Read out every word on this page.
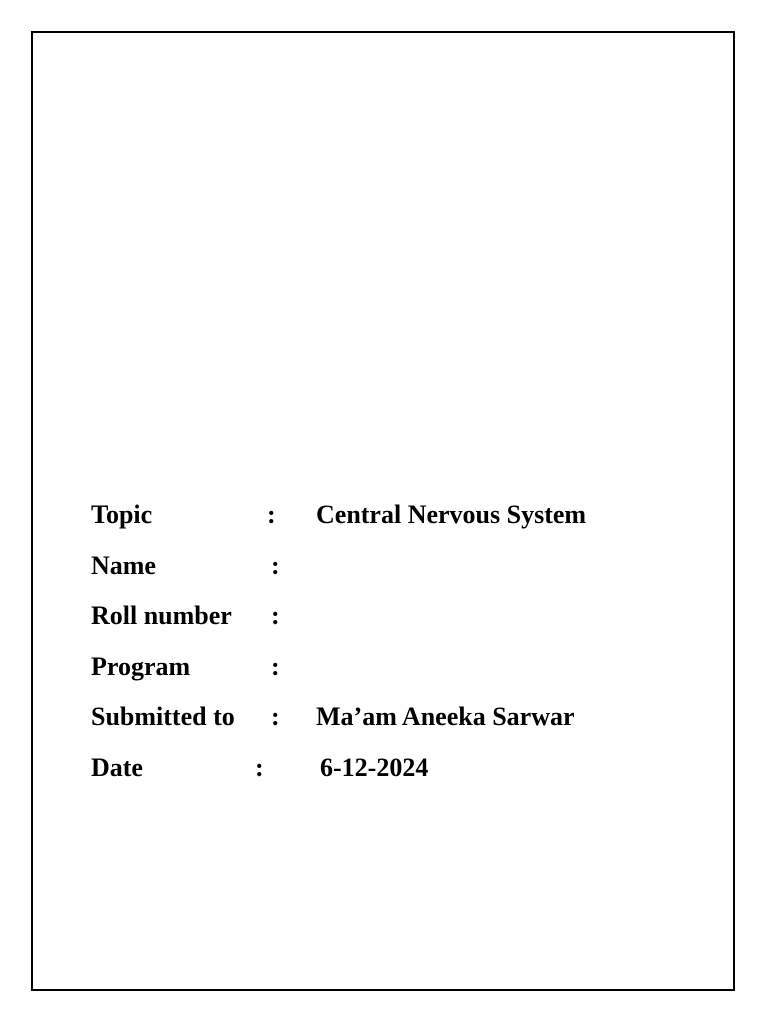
Topic	: Central Nervous System
Name	:
Roll number :
Program	:
Submitted to : Ma’am Aneeka Sarwar
Date	: 6-12-2024
